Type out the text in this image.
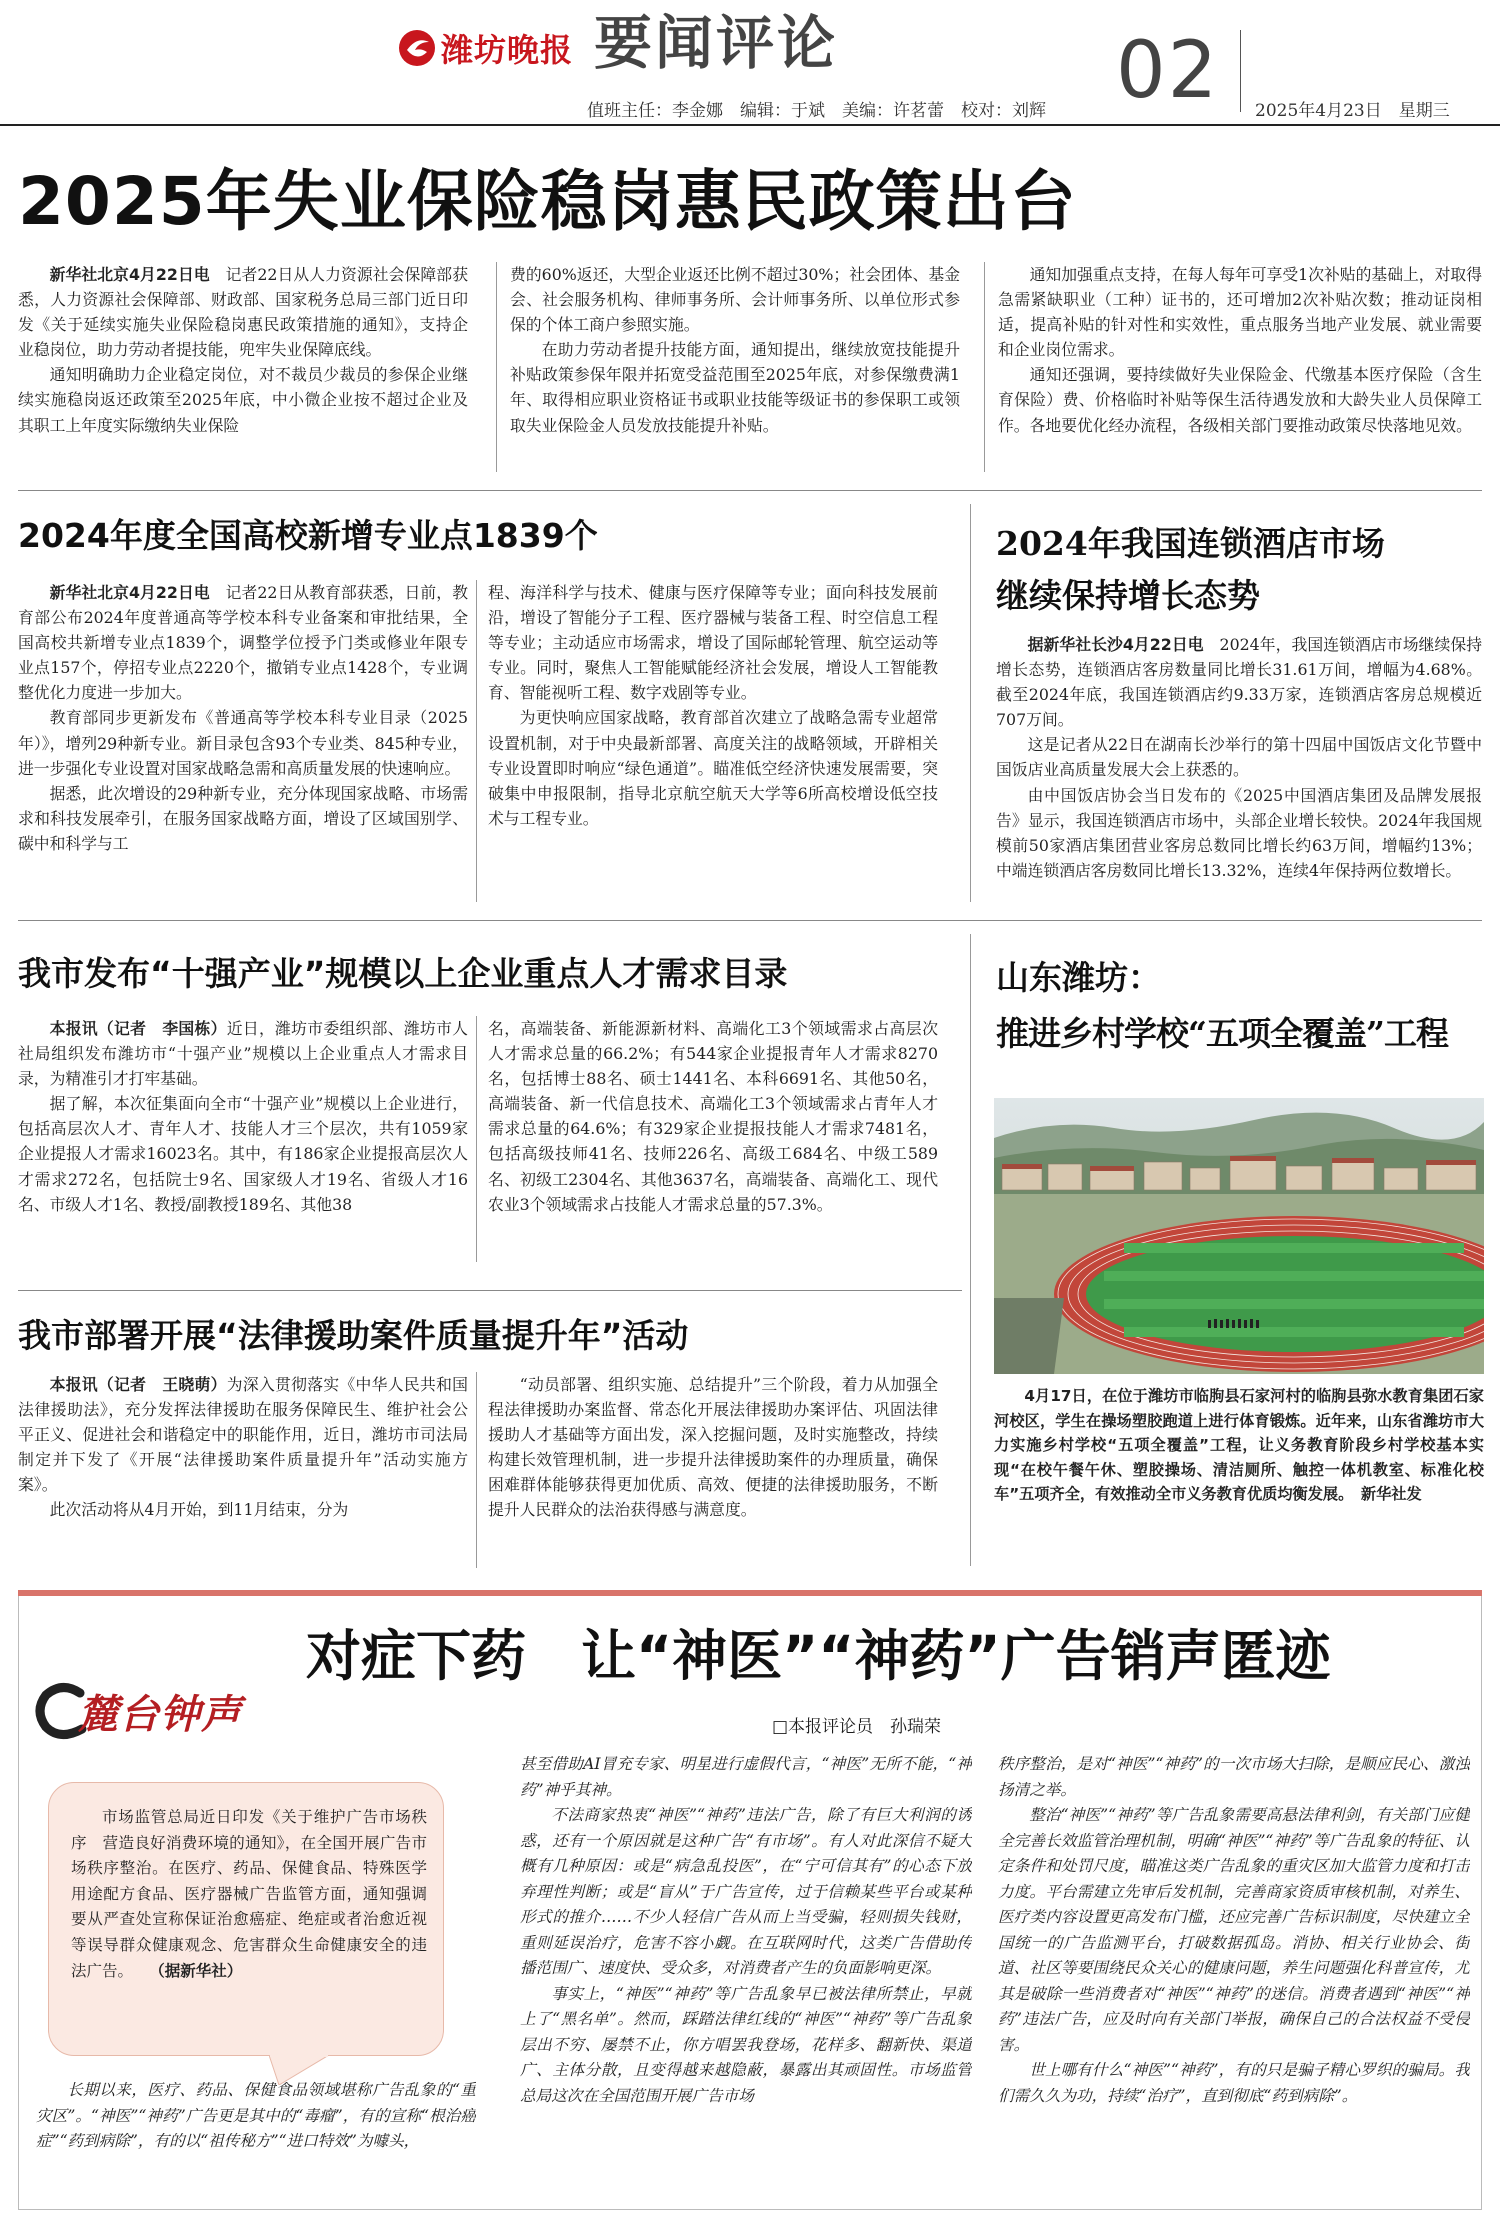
潍坊晚报 要闻评论	02
值班主任：李金娜　编辑：于斌　美编：许茗蕾　校对：刘辉	2025年4月23日　星期三
2025年失业保险稳岗惠民政策出台

新华社北京4月22日电　 记者22日从人力资源社会保障部获悉，人力资源社会保障部、财政部、国家税务总局三部门近日印发《关于延续实施失业保险稳岗惠民政策措施的通知》，支持企业稳岗位，助力劳动者提技能，兜牢失业保障底线。

通知明确助力企业稳定岗位，对不裁员少裁员的参保企业继续实施稳岗返还政策至2025年底，中小微企业按不超过企业及其职工上年度实际缴纳失业保险

费的60%返还，大型企业返还比例不超过30%；社会团体、基金会、社会服务机构、律师事务所、会计师事务所、以单位形式参保的个体工商户参照实施。

在助力劳动者提升技能方面，通知提出，继续放宽技能提升补贴政策参保年限并拓宽受益范围至2025年底，对参保缴费满1年、取得相应职业资格证书或职业技能等级证书的参保职工或领取失业保险金人员发放技能提升补贴。

通知加强重点支持，在每人每年可享受1次补贴的基础上，对取得急需紧缺职业（工种）证书的，还可增加2次补贴次数；推动证岗相适，提高补贴的针对性和实效性，重点服务当地产业发展、就业需要和企业岗位需求。

通知还强调，要持续做好失业保险金、代缴基本医疗保险（含生育保险）费、价格临时补贴等保生活待遇发放和大龄失业人员保障工作。各地要优化经办流程，各级相关部门要推动政策尽快落地见效。

2024年度全国高校新增专业点1839个

新华社北京4月22日电　 记者22日从教育部获悉，日前，教育部公布2024年度普通高等学校本科专业备案和审批结果，全国高校共新增专业点1839个，调整学位授予门类或修业年限专业点157个，停招专业点2220个，撤销专业点1428个，专业调整优化力度进一步加大。

教育部同步更新发布《普通高等学校本科专业目录（2025年）》，增列29种新专业。新目录包含93个专业类、845种专业，进一步强化专业设置对国家战略急需和高质量发展的快速响应。

据悉，此次增设的29种新专业，充分体现国家战略、市场需求和科技发展牵引，在服务国家战略方面，增设了区域国别学、碳中和科学与工

程、海洋科学与技术、健康与医疗保障等专业；面向科技发展前沿，增设了智能分子工程、医疗器械与装备工程、时空信息工程等专业；主动适应市场需求，增设了国际邮轮管理、航空运动等专业。同时，聚焦人工智能赋能经济社会发展，增设人工智能教育、智能视听工程、数字戏剧等专业。

为更快响应国家战略，教育部首次建立了战略急需专业超常设置机制，对于中央最新部署、高度关注的战略领域，开辟相关专业设置即时响应“绿色通道”。瞄准低空经济快速发展需要，突破集中申报限制，指导北京航空航天大学等6所高校增设低空技术与工程专业。

2024年我国连锁酒店市场
继续保持增长态势

据新华社长沙4月22日电　 2024年，我国连锁酒店市场继续保持增长态势，连锁酒店客房数量同比增长31.61万间，增幅为4.68%。截至2024年底，我国连锁酒店约9.33万家，连锁酒店客房总规模近707万间。

这是记者从22日在湖南长沙举行的第十四届中国饭店文化节暨中国饭店业高质量发展大会上获悉的。

由中国饭店协会当日发布的《2025中国酒店集团及品牌发展报告》显示，我国连锁酒店市场中，头部企业增长较快。2024年我国规模前50家酒店集团营业客房总数同比增长约63万间，增幅约13%；中端连锁酒店客房数同比增长13.32%，连续4年保持两位数增长。

我市发布“十强产业”规模以上企业重点人才需求目录

本报讯（记者　李国栋）近日，潍坊市委组织部、潍坊市人社局组织发布潍坊市“十强产业”规模以上企业重点人才需求目录，为精准引才打牢基础。

据了解，本次征集面向全市“十强产业”规模以上企业进行，包括高层次人才、青年人才、技能人才三个层次，共有1059家企业提报人才需求16023名。其中，有186家企业提报高层次人才需求272名，包括院士9名、国家级人才19名、省级人才16名、市级人才1名、教授/副教授189名、其他38

名，高端装备、新能源新材料、高端化工3个领域需求占高层次人才需求总量的66.2%；有544家企业提报青年人才需求8270名，包括博士88名、硕士1441名、本科6691名、其他50名，高端装备、新一代信息技术、高端化工3个领域需求占青年人才需求总量的64.6%；有329家企业提报技能人才需求7481名，包括高级技师41名、技师226名、高级工684名、中级工589名、初级工2304名、其他3637名，高端装备、高端化工、现代农业3个领域需求占技能人才需求总量的57.3%。

我市部署开展“法律援助案件质量提升年”活动

本报讯（记者　王晓萌）为深入贯彻落实《中华人民共和国法律援助法》，充分发挥法律援助在服务保障民生、维护社会公平正义、促进社会和谐稳定中的职能作用，近日，潍坊市司法局制定并下发了《开展“法律援助案件质量提升年”活动实施方案》。

此次活动将从4月开始，到11月结束，分为

“动员部署、组织实施、总结提升”三个阶段，着力从加强全程法律援助办案监督、常态化开展法律援助办案评估、巩固法律援助人才基础等方面出发，深入挖掘问题，及时实施整改，持续构建长效管理机制，进一步提升法律援助案件的办理质量，确保困难群体能够获得更加优质、高效、便捷的法律援助服务，不断提升人民群众的法治获得感与满意度。

山东潍坊：
推进乡村学校“五项全覆盖”工程

4月17日，在位于潍坊市临朐县石家河村的临朐县弥水教育集团石家河校区，学生在操场塑胶跑道上进行体育锻炼。近年来，山东省潍坊市大力实施乡村学校“五项全覆盖”工程，让义务教育阶段乡村学校基本实现“在校午餐午休、塑胶操场、清洁厕所、触控一体机教室、标准化校车”五项齐全，有效推动全市义务教育优质均衡发展。　 新华社发

麓台钟声
对症下药　让“神医”“神药”广告销声匿迹
□本报评论员　孙瑞荣

市场监管总局近日印发《关于维护广告市场秩序　营造良好消费环境的通知》，在全国开展广告市场秩序整治。在医疗、药品、保健食品、特殊医学用途配方食品、医疗器械广告监管方面，通知强调要从严查处宣称保证治愈癌症、绝症或者治愈近视等误导群众健康观念、危害群众生命健康安全的违法广告。 （据新华社）

长期以来，医疗、药品、保健食品领域堪称广告乱象的“重灾区”。“神医”“神药”广告更是其中的“毒瘤”，有的宣称“根治癌症”“药到病除”，有的以“祖传秘方”“进口特效”为噱头，

甚至借助AI冒充专家、明星进行虚假代言，“神医”无所不能，“神药”神乎其神。

不法商家热衷“神医”“神药”违法广告，除了有巨大利润的诱惑，还有一个原因就是这种广告“有市场”。有人对此深信不疑大概有几种原因：或是“病急乱投医”，在“宁可信其有”的心态下放弃理性判断；或是“盲从”于广告宣传，过于信赖某些平台或某种形式的推介……不少人轻信广告从而上当受骗，轻则损失钱财，重则延误治疗，危害不容小觑。在互联网时代，这类广告借助传播范围广、速度快、受众多，对消费者产生的负面影响更深。

事实上，“神医”“神药”等广告乱象早已被法律所禁止，早就上了“黑名单”。然而，踩踏法律红线的“神医”“神药”等广告乱象层出不穷、屡禁不止，你方唱罢我登场，花样多、翻新快、渠道广、主体分散，且变得越来越隐蔽，暴露出其顽固性。市场监管总局这次在全国范围开展广告市场

秩序整治，是对“神医”“神药”的一次市场大扫除，是顺应民心、激浊扬清之举。

整治“神医”“神药”等广告乱象需要高悬法律利剑，有关部门应健全完善长效监管治理机制，明确“神医”“神药”等广告乱象的特征、认定条件和处罚尺度，瞄准这类广告乱象的重灾区加大监管力度和打击力度。平台需建立先审后发机制，完善商家资质审核机制，对养生、医疗类内容设置更高发布门槛，还应完善广告标识制度，尽快建立全国统一的广告监测平台，打破数据孤岛。消协、相关行业协会、街道、社区等要围绕民众关心的健康问题，养生问题强化科普宣传，尤其是破除一些消费者对“神医”“神药”的迷信。消费者遇到“神医”“神药”违法广告，应及时向有关部门举报，确保自己的合法权益不受侵害。

世上哪有什么“神医”“神药”，有的只是骗子精心罗织的骗局。我们需久久为功，持续“治疗”，直到彻底“药到病除”。
